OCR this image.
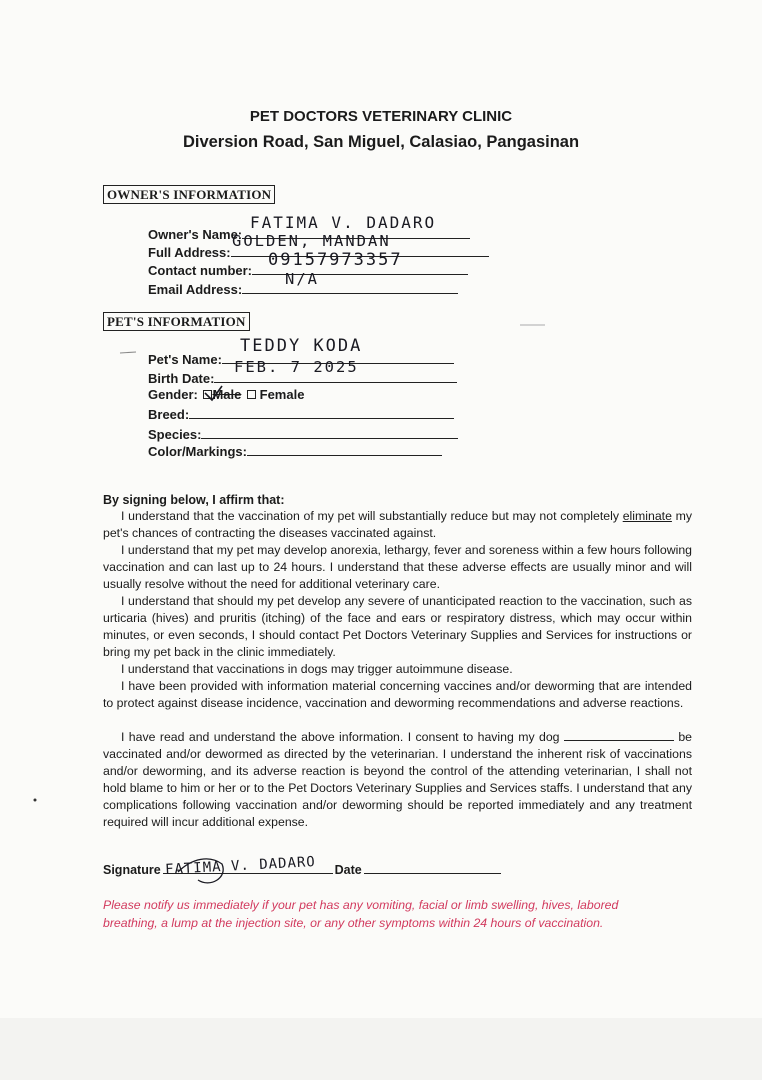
PET DOCTORS VETERINARY CLINIC
Diversion Road, San Miguel, Calasiao, Pangasinan
OWNER'S INFORMATION
Owner's Name:
FATIMA V. DADARO
Full Address:
GOLDEN, MANDAN
Contact number:
09157973357
Email Address:
N/A
PET'S INFORMATION
Pet's Name:
TEDDY KODA
Birth Date:
FEB. 7 2025
Gender: Male Female
Breed:
Species:
Color/Markings:
By signing below, I affirm that:

I understand that the vaccination of my pet will substantially reduce but may not completely eliminate my pet's chances of contracting the diseases vaccinated against.

I understand that my pet may develop anorexia, lethargy, fever and soreness within a few hours following vaccination and can last up to 24 hours. I understand that these adverse effects are usually minor and will usually resolve without the need for additional veterinary care.

I understand that should my pet develop any severe of unanticipated reaction to the vaccination, such as urticaria (hives) and pruritis (itching) of the face and ears or respiratory distress, which may occur within minutes, or even seconds, I should contact Pet Doctors Veterinary Supplies and Services for instructions or bring my pet back in the clinic immediately.

I understand that vaccinations in dogs may trigger autoimmune disease.

I have been provided with information material concerning vaccines and/or deworming that are intended to protect against disease incidence, vaccination and deworming recommendations and adverse reactions.

I have read and understand the above information. I consent to having my dog	be vaccinated and/or dewormed as directed by the veterinarian. I understand the inherent risk of vaccinations and/or deworming, and its adverse reaction is beyond the control of the attending veterinarian, I shall not hold blame to him or her or to the Pet Doctors Veterinary Supplies and Services staffs. I understand that any complications following vaccination and/or deworming should be reported immediately and any treatment required will incur additional expense.

Signature	Date
FATIMA V. DADARO

Please notify us immediately if your pet has any vomiting, facial or limb swelling, hives, labored breathing, a lump at the injection site, or any other symptoms within 24 hours of vaccination.
